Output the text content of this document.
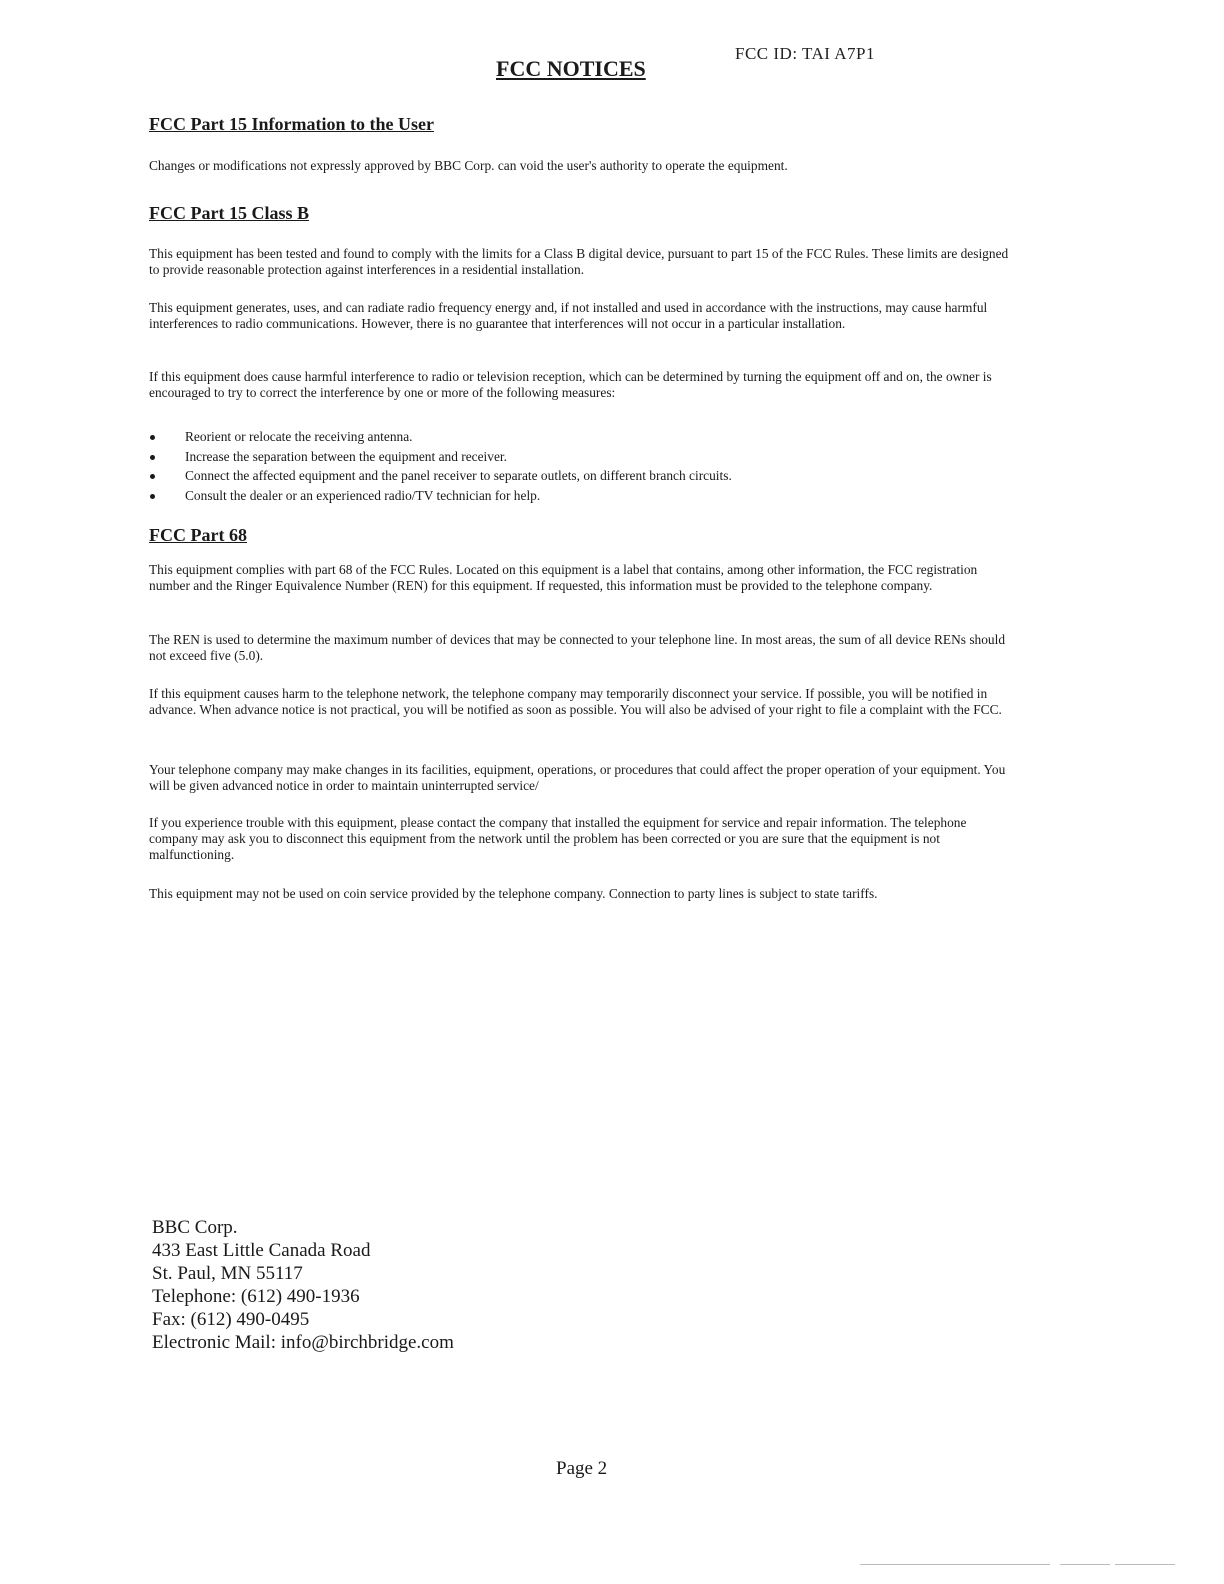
FCC ID: TAI A7P1
FCC NOTICES
FCC Part 15 Information to the User

Changes or modifications not expressly approved by BBC Corp. can void the user's authority to operate the equipment.

FCC Part 15 Class B

This equipment has been tested and found to comply with the limits for a Class B digital device, pursuant to part 15 of the FCC Rules. These limits are designed to provide reasonable protection against interferences in a residential installation.

This equipment generates, uses, and can radiate radio frequency energy and, if not installed and used in accordance with the instructions, may cause harmful interferences to radio communications. However, there is no guarantee that interferences will not occur in a particular installation.

If this equipment does cause harmful interference to radio or television reception, which can be determined by turning the equipment off and on, the owner is encouraged to try to correct the interference by one or more of the following measures:

Reorient or relocate the receiving antenna.
Increase the separation between the equipment and receiver.
Connect the affected equipment and the panel receiver to separate outlets, on different branch circuits.
Consult the dealer or an experienced radio/TV technician for help.
FCC Part 68

This equipment complies with part 68 of the FCC Rules. Located on this equipment is a label that contains, among other information, the FCC registration number and the Ringer Equivalence Number (REN) for this equipment. If requested, this information must be provided to the telephone company.

The REN is used to determine the maximum number of devices that may be connected to your telephone line. In most areas, the sum of all device RENs should not exceed five (5.0).

If this equipment causes harm to the telephone network, the telephone company may temporarily disconnect your service. If possible, you will be notified in advance. When advance notice is not practical, you will be notified as soon as possible. You will also be advised of your right to file a complaint with the FCC.

Your telephone company may make changes in its facilities, equipment, operations, or procedures that could affect the proper operation of your equipment. You will be given advanced notice in order to maintain uninterrupted service/

If you experience trouble with this equipment, please contact the company that installed the equipment for service and repair information. The telephone company may ask you to disconnect this equipment from the network until the problem has been corrected or you are sure that the equipment is not malfunctioning.

This equipment may not be used on coin service provided by the telephone company. Connection to party lines is subject to state tariffs.

BBC Corp.
433 East Little Canada Road
St. Paul, MN 55117
Telephone: (612) 490-1936
Fax: (612) 490-0495
Electronic Mail: info@birchbridge.com
Page 2
